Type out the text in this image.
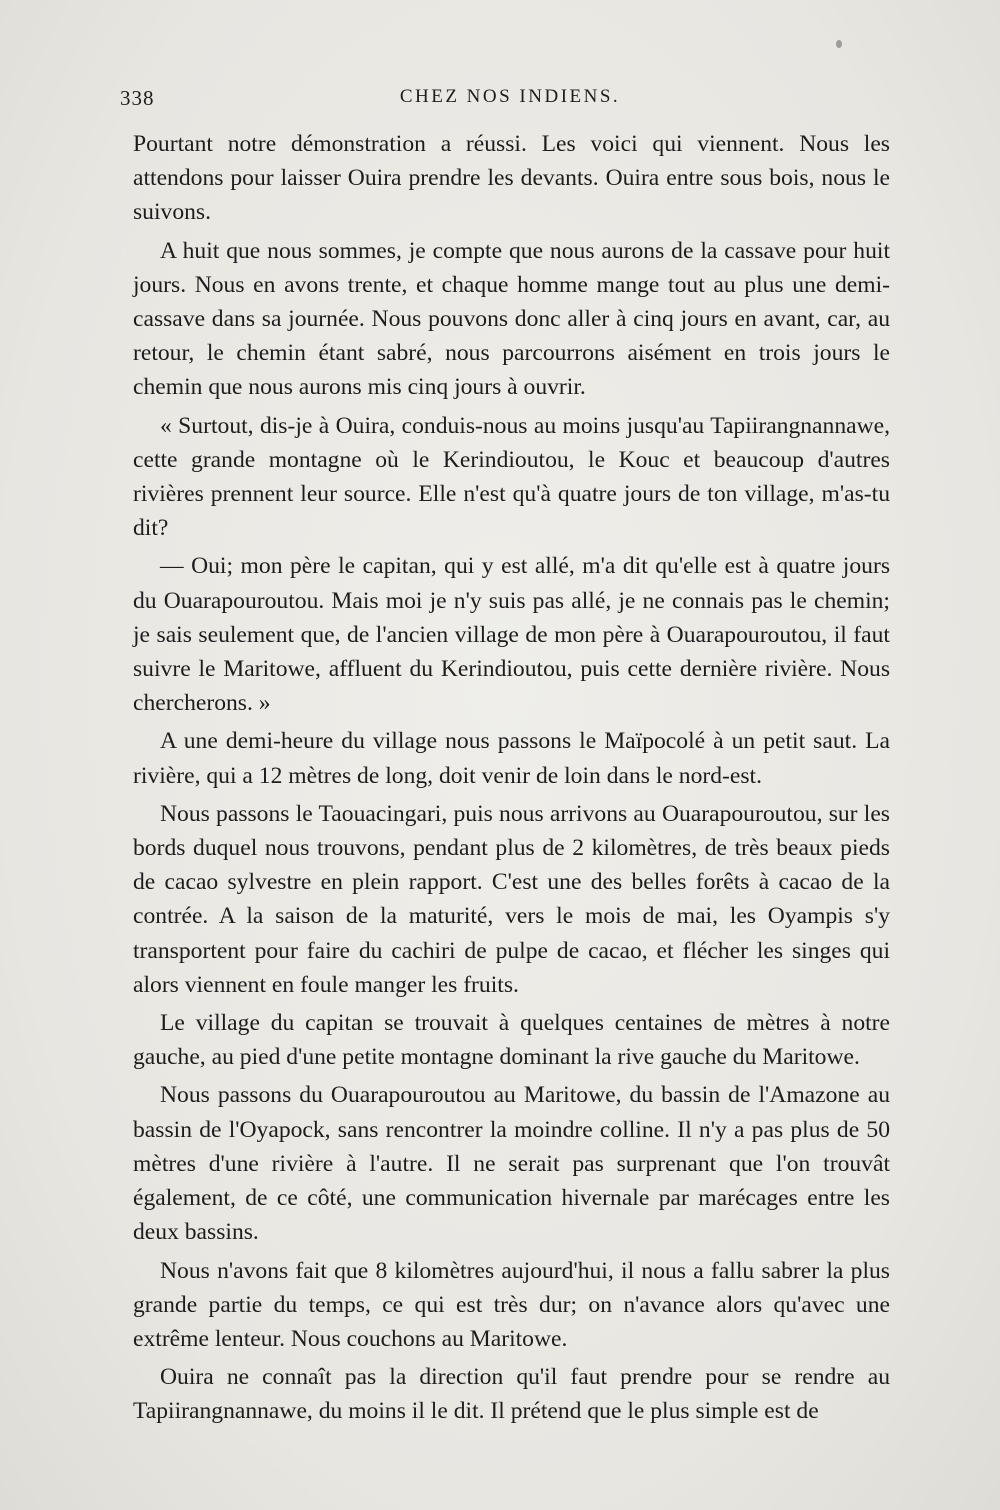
338	CHEZ NOS INDIENS.

Pourtant notre démonstration a réussi. Les voici qui viennent. Nous les attendons pour laisser Ouira prendre les devants. Ouira entre sous bois, nous le suivons.

A huit que nous sommes, je compte que nous aurons de la cassave pour huit jours. Nous en avons trente, et chaque homme mange tout au plus une demi-cassave dans sa journée. Nous pouvons donc aller à cinq jours en avant, car, au retour, le chemin étant sabré, nous parcourrons aisément en trois jours le chemin que nous aurons mis cinq jours à ouvrir.

« Surtout, dis-je à Ouira, conduis-nous au moins jusqu'au Tapiirangnannawe, cette grande montagne où le Kerindioutou, le Kouc et beaucoup d'autres rivières prennent leur source. Elle n'est qu'à quatre jours de ton village, m'as-tu dit?

— Oui; mon père le capitan, qui y est allé, m'a dit qu'elle est à quatre jours du Ouarapouroutou. Mais moi je n'y suis pas allé, je ne connais pas le chemin; je sais seulement que, de l'ancien village de mon père à Ouarapouroutou, il faut suivre le Maritowe, affluent du Kerindioutou, puis cette dernière rivière. Nous chercherons. »

A une demi-heure du village nous passons le Maïpocolé à un petit saut. La rivière, qui a 12 mètres de long, doit venir de loin dans le nord-est.

Nous passons le Taouacingari, puis nous arrivons au Ouarapouroutou, sur les bords duquel nous trouvons, pendant plus de 2 kilomètres, de très beaux pieds de cacao sylvestre en plein rapport. C'est une des belles forêts à cacao de la contrée. A la saison de la maturité, vers le mois de mai, les Oyampis s'y transportent pour faire du cachiri de pulpe de cacao, et flécher les singes qui alors viennent en foule manger les fruits.

Le village du capitan se trouvait à quelques centaines de mètres à notre gauche, au pied d'une petite montagne dominant la rive gauche du Maritowe.

Nous passons du Ouarapouroutou au Maritowe, du bassin de l'Amazone au bassin de l'Oyapock, sans rencontrer la moindre colline. Il n'y a pas plus de 50 mètres d'une rivière à l'autre. Il ne serait pas surprenant que l'on trouvât également, de ce côté, une communication hivernale par marécages entre les deux bassins.

Nous n'avons fait que 8 kilomètres aujourd'hui, il nous a fallu sabrer la plus grande partie du temps, ce qui est très dur; on n'avance alors qu'avec une extrême lenteur. Nous couchons au Maritowe.

Ouira ne connaît pas la direction qu'il faut prendre pour se rendre au Tapiirangnannawe, du moins il le dit. Il prétend que le plus simple est de
